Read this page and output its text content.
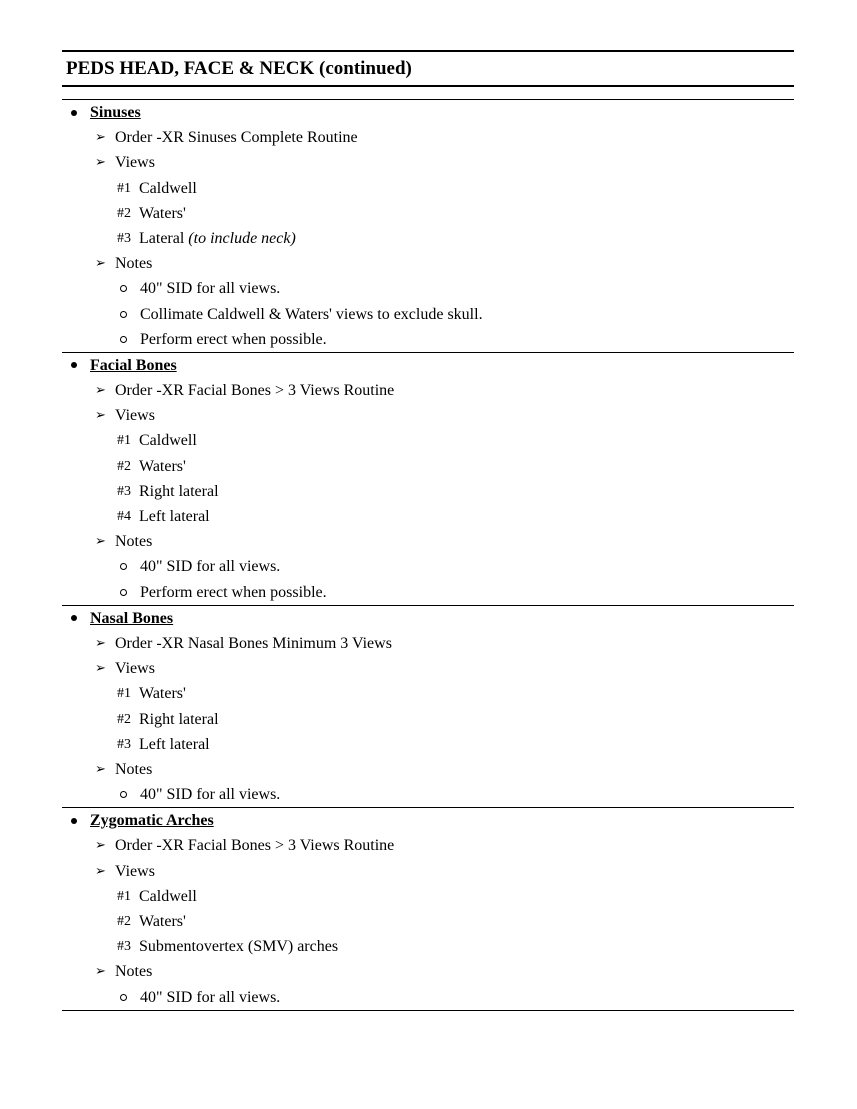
PEDS HEAD, FACE & NECK (continued)
Sinuses
➢ Order - XR Sinuses Complete Routine
➢ Views
#1 Caldwell
#2 Waters'
#3 Lateral
(to include neck)
➢ Notes
40" SID for all views.
Collimate Caldwell & Waters' views to exclude skull.
Perform erect when possible.
Facial Bones
➢ Order - XR Facial Bones > 3 Views Routine
➢ Views
#1 Caldwell
#2 Waters'
#3 Right lateral
#4 Left lateral
➢ Notes
40" SID for all views.
Perform erect when possible.
Nasal Bones
➢ Order - XR Nasal Bones Minimum 3 Views
➢ Views
#1 Waters'
#2 Right lateral
#3 Left lateral
➢ Notes
40" SID for all views.
Zygomatic Arches
➢ Order - XR Facial Bones > 3 Views Routine
➢ Views
#1 Caldwell
#2 Waters'
#3 Submentovertex (SMV) arches
➢ Notes
40" SID for all views.
